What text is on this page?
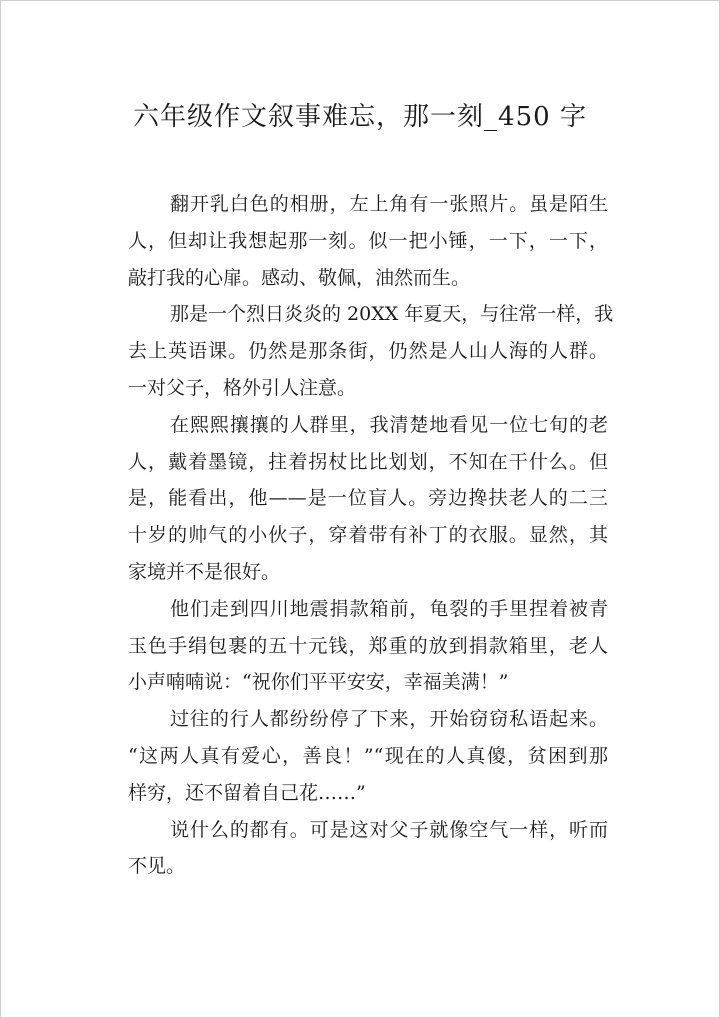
六年级作文叙事难忘，那一刻_450 字

翻开乳白色的相册，左上角有一张照片。虽是陌生
人，但却让我想起那一刻。似一把小锤，一下，一下，
敲打我的心扉。感动、敬佩，油然而生。

那是一个烈日炎炎的 20XX 年夏天，与往常一样，我
去上英语课。仍然是那条街，仍然是人山人海的人群。
一对父子，格外引人注意。

在熙熙攘攘的人群里，我清楚地看见一位七旬的老
人，戴着墨镜，拄着拐杖比比划划，不知在干什么。但
是，能看出，他——是一位盲人。旁边搀扶老人的二三
十岁的帅气的小伙子，穿着带有补丁的衣服。显然，其
家境并不是很好。

他们走到四川地震捐款箱前，龟裂的手里捏着被青
玉色手绢包裹的五十元钱，郑重的放到捐款箱里，老人
小声喃喃说：“祝你们平平安安，幸福美满！”

过往的行人都纷纷停了下来，开始窃窃私语起来。
“这两人真有爱心，善良！”“现在的人真傻，贫困到那
样穷，还不留着自己花……”

说什么的都有。可是这对父子就像空气一样，听而
不见。
